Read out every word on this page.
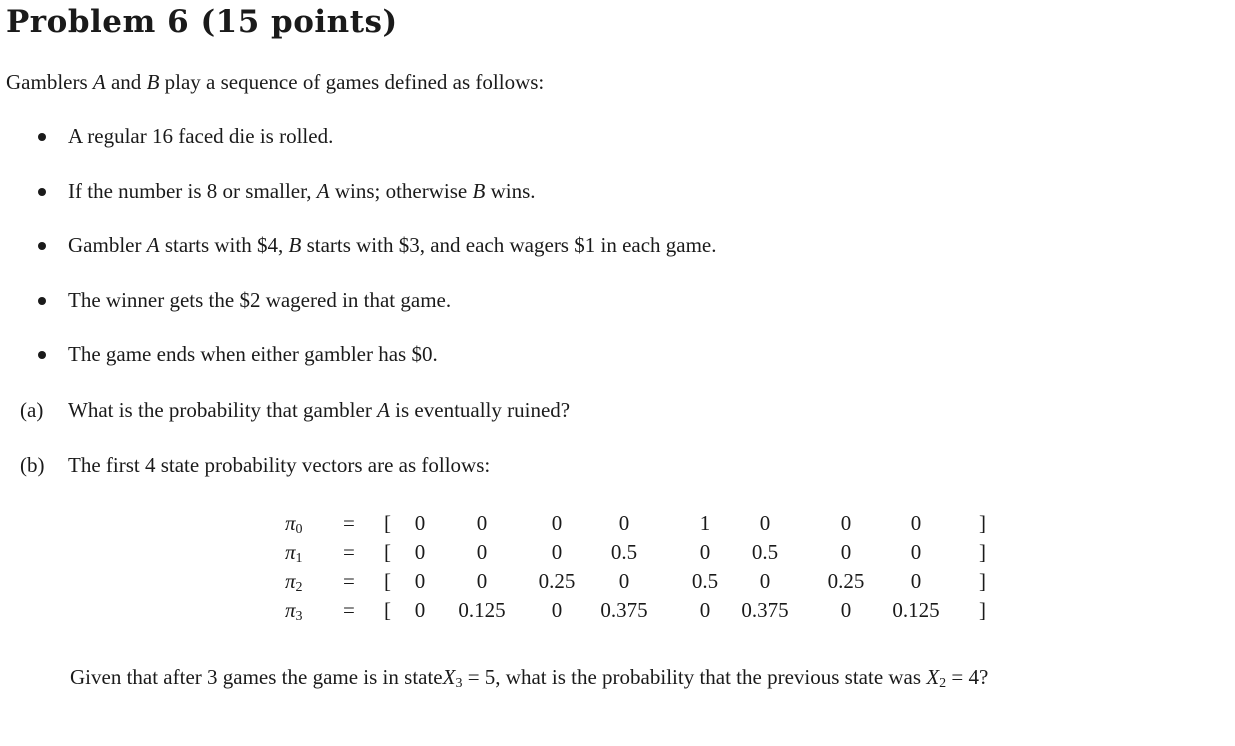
Problem 6 (15 points)
Gamblers A and B play a sequence of games defined as follows:
A regular 16 faced die is rolled.
If the number is 8 or smaller, A wins; otherwise B wins.
Gambler A starts with $4, B starts with $3, and each wagers $1 in each game.
The winner gets the $2 wagered in that game.
The game ends when either gambler has $0.
(a) What is the probability that gambler A is eventually ruined?
(b) The first 4 state probability vectors are as follows:
$\pi_0$	= [	0	0	0	0	1	0	0	0	]
$\pi_1$	= [	0	0	0	0.5	0	0.5	0	0	]
$\pi_2$	= [	0	0	0.25	0	0.5	0	0.25	0	]
$\pi_3$	= [	0	0.125	0	0.375	0	0.375	0	0.125	]
Given that after 3 games the game is in stateX$_3$ = 5, what is the probability that the previous state was $X_2 = 4$?
